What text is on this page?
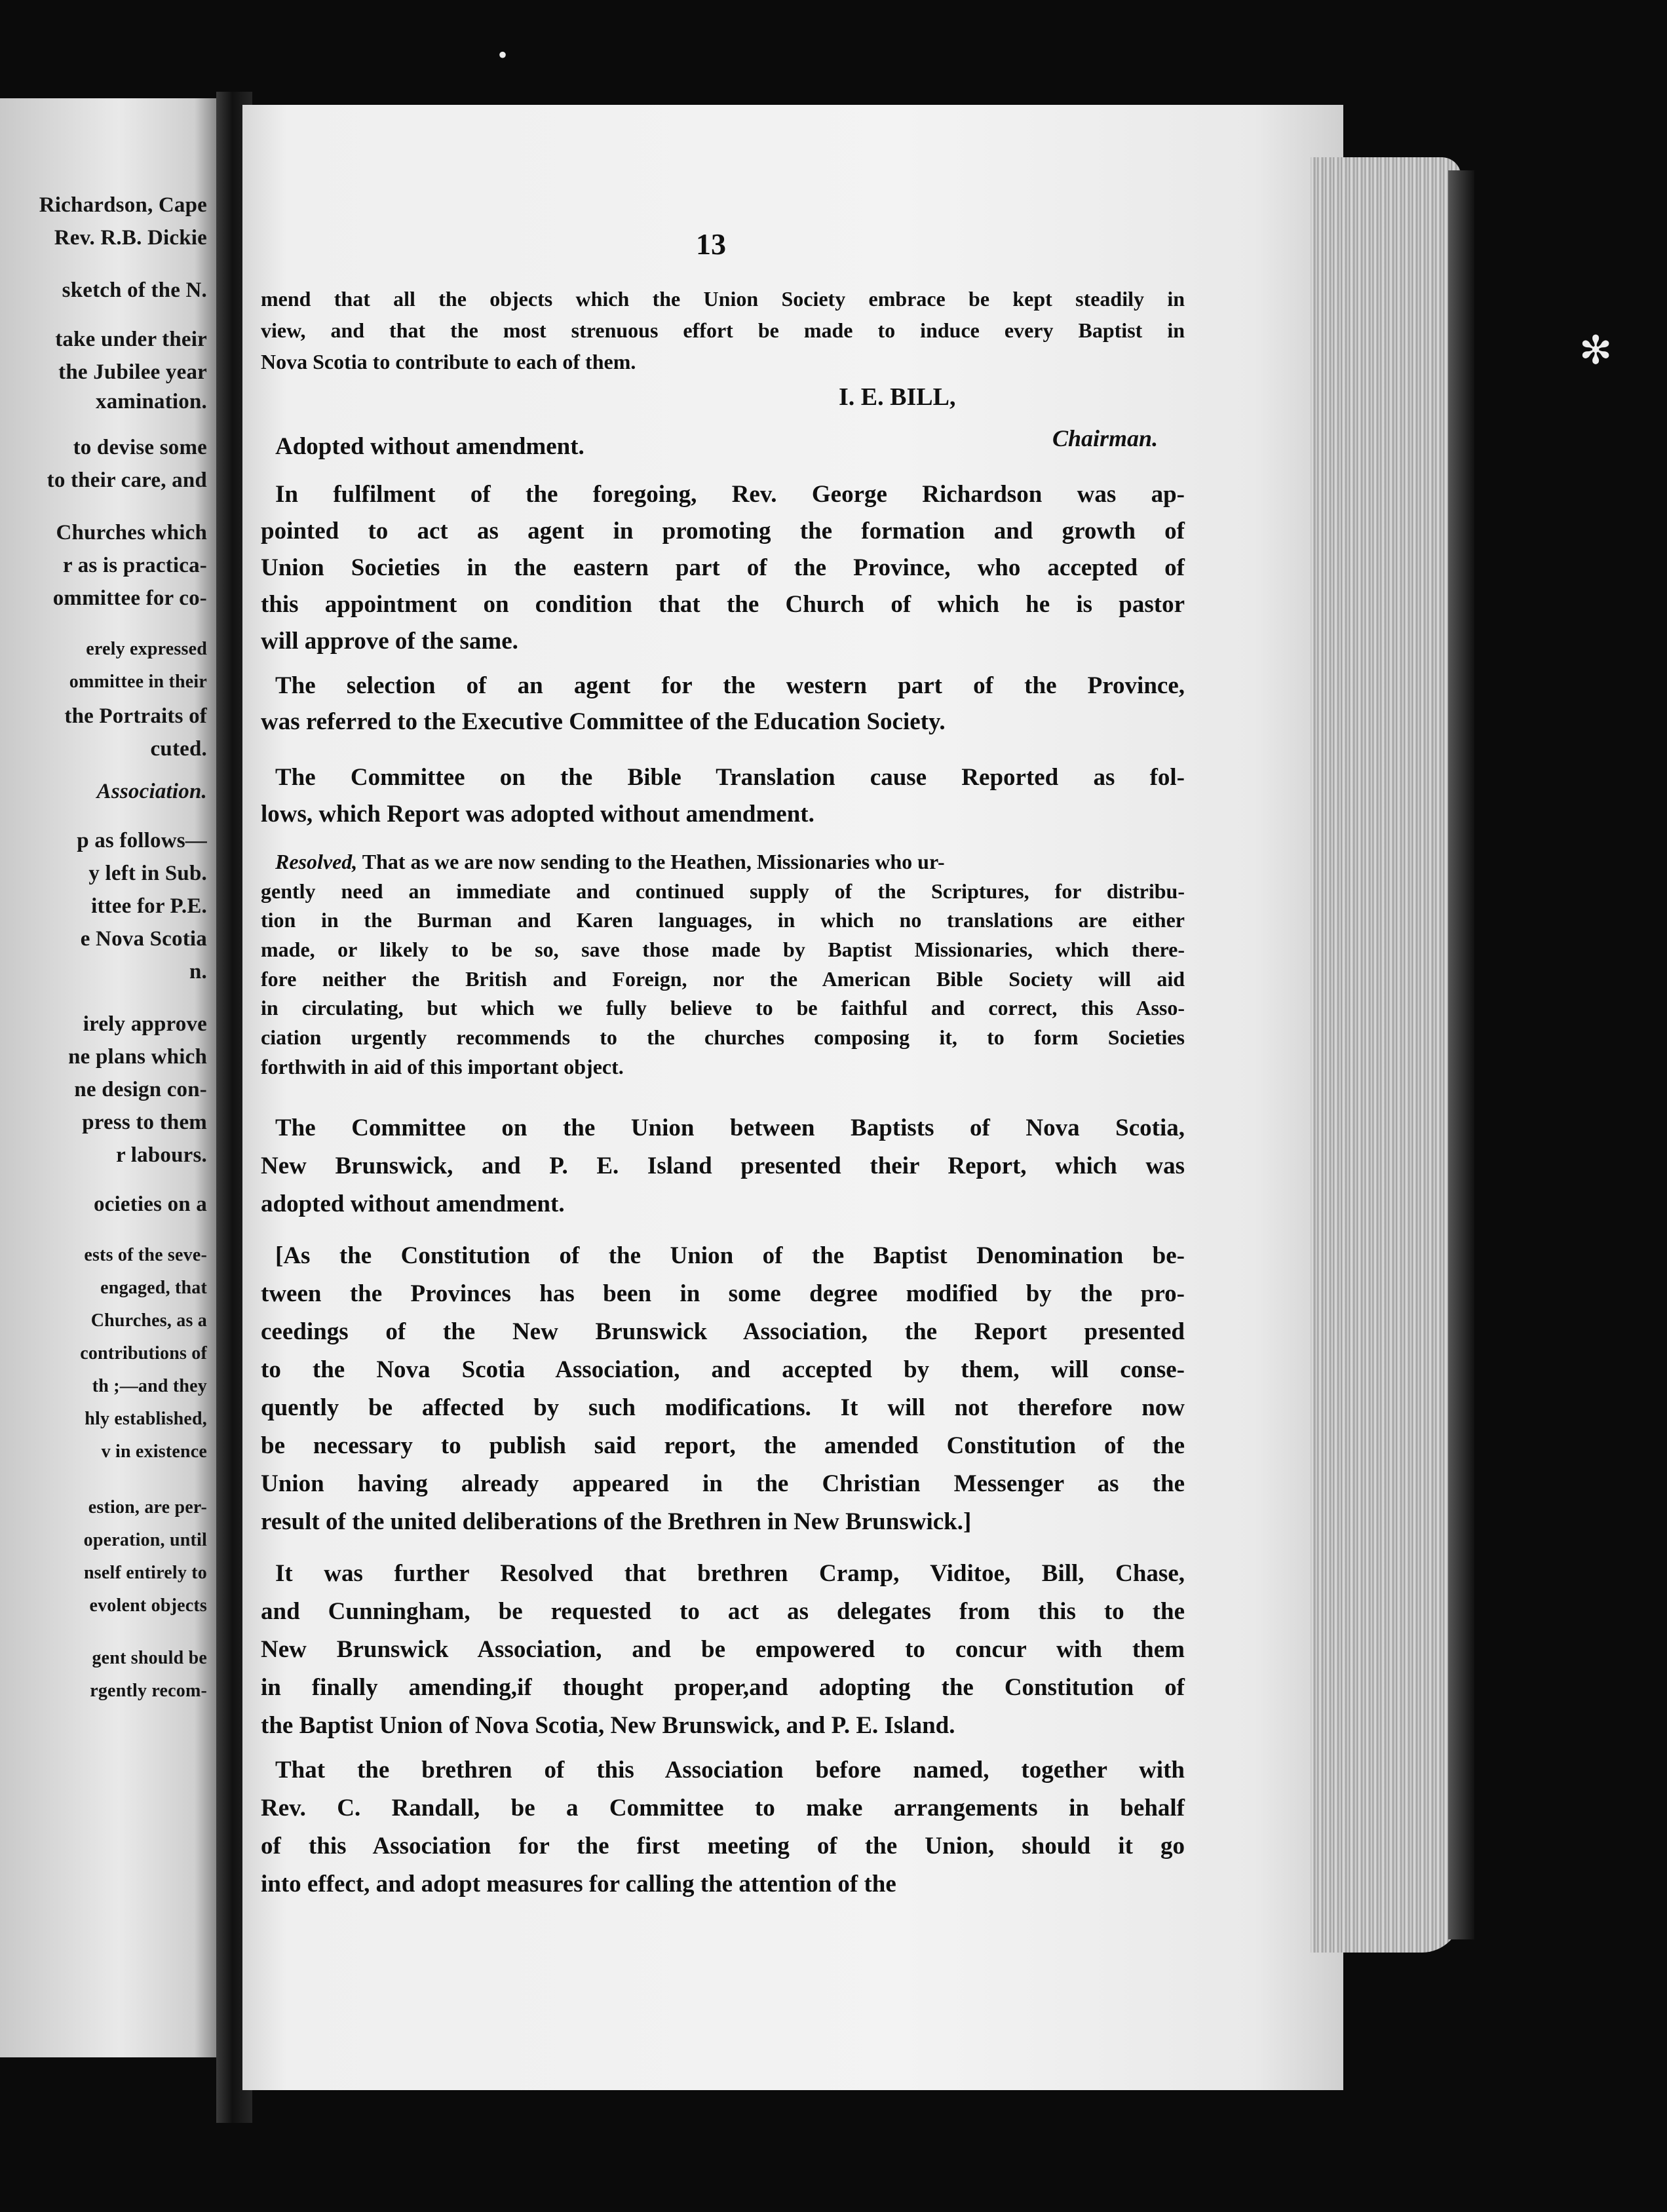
Richardson, Cape
Rev. R.B. Dickie
sketch of the N.
take under their
the Jubilee year
xamination.
to devise some
to their care, and
Churches which
r as is practica-
ommittee for co-
erely expressed
ommittee in their
the Portraits of
cuted.
Association.
p as follows—
y left in Sub.
ittee for P.E.
e Nova Scotia
n.
irely approve
ne plans which
ne design con-
press to them
r labours.
ocieties on a
ests of the seve-
engaged, that
Churches, as a
contributions of
th ;—and they
hly established,
v in existence
estion, are per-
operation, until
nself entirely to
evolent objects
gent should be
rgently recom-
•
✻
13
mend that all the objects which the Union Society embrace be kept steadily in
view, and that the most strenuous effort be made to induce every Baptist in
Nova Scotia to contribute to each of them.
Adopted without amendment.
In fulfilment of the foregoing, Rev. George Richardson was ap-
pointed to act as agent in promoting the formation and growth of
Union Societies in the eastern part of the Province, who accepted of
this appointment on condition that the Church of which he is pastor
will approve of the same.
The selection of an agent for the western part of the Province,
was referred to the Executive Committee of the Education Society.
The Committee on the Bible Translation cause Reported as fol-
lows, which Report was adopted without amendment.
Resolved, That as we are now sending to the Heathen, Missionaries who ur-
gently need an immediate and continued supply of the Scriptures, for distribu-
tion in the Burman and Karen languages, in which no translations are either
made, or likely to be so, save those made by Baptist Missionaries, which there-
fore neither the British and Foreign, nor the American Bible Society will aid
in circulating, but which we fully believe to be faithful and correct, this Asso-
ciation urgently recommends to the churches composing it, to form Societies
forthwith in aid of this important object.
The Committee on the Union between Baptists of Nova Scotia,
New Brunswick, and P. E. Island presented their Report, which was
adopted without amendment.
[As the Constitution of the Union of the Baptist Denomination be-
tween the Provinces has been in some degree modified by the pro-
ceedings of the New Brunswick Association, the Report presented
to the Nova Scotia Association, and accepted by them, will conse-
quently be affected by such modifications. It will not therefore now
be necessary to publish said report, the amended Constitution of the
Union having already appeared in the Christian Messenger as the
result of the united deliberations of the Brethren in New Brunswick.]
It was further Resolved that brethren Cramp, Viditoe, Bill, Chase,
and Cunningham, be requested to act as delegates from this to the
New Brunswick Association, and be empowered to concur with them
in finally amending,if thought proper,and adopting the Constitution of
the Baptist Union of Nova Scotia, New Brunswick, and P. E. Island.
That the brethren of this Association before named, together with
Rev. C. Randall, be a Committee to make arrangements in behalf
of this Association for the first meeting of the Union, should it go
into effect, and adopt measures for calling the attention of the
I. E. BILL,
Chairman.
